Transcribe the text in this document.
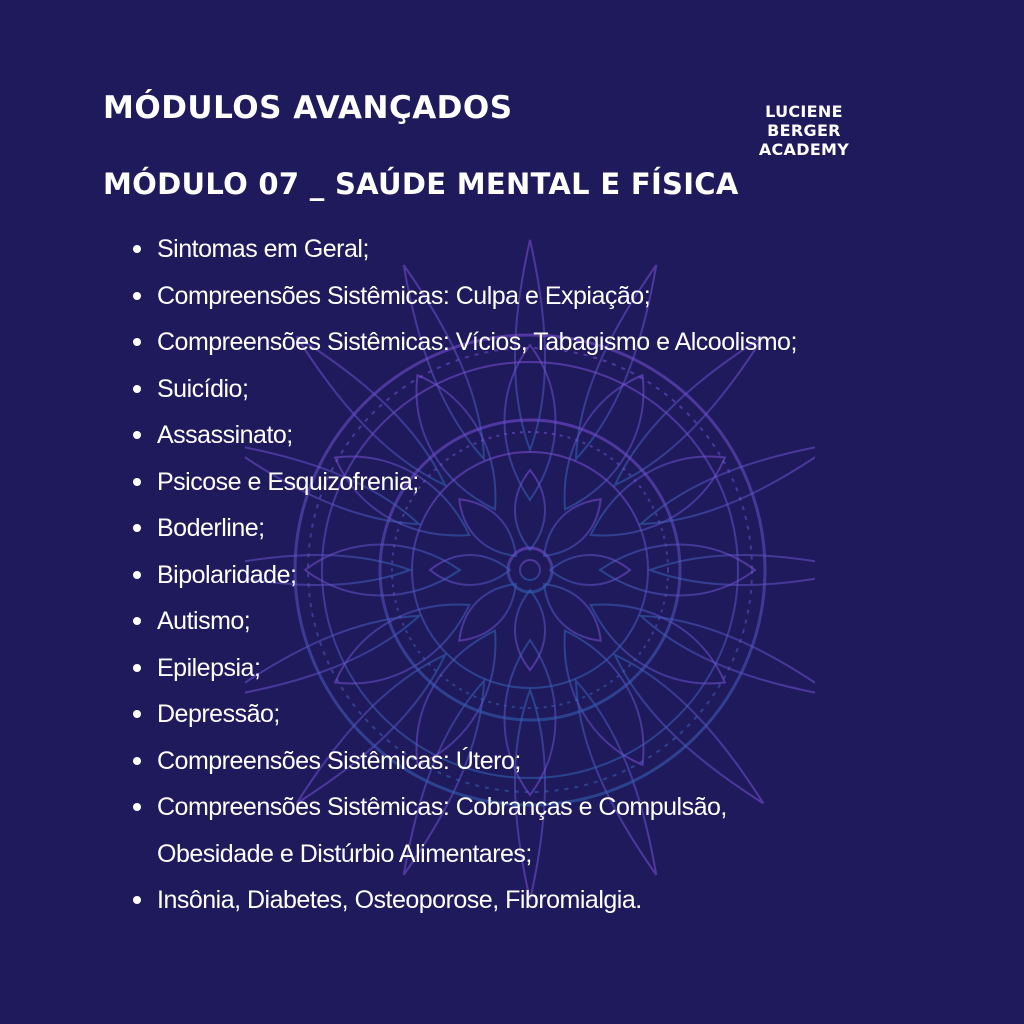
MÓDULOS AVANÇADOS	LUCIENE BERGER
ACADEMY
MÓDULO 07 _ SAÚDE MENTAL E FÍSICA
Sintomas em Geral;
Compreensões Sistêmicas: Culpa e Expiação;
Compreensões Sistêmicas: Vícios, Tabagismo e Alcoolismo;
Suicídio;
Assassinato;
Psicose e Esquizofrenia;
Boderline;
Bipolaridade;
Autismo;
Epilepsia;
Depressão;
Compreensões Sistêmicas: Útero;
Compreensões Sistêmicas: Cobranças e Compulsão,
Obesidade e Distúrbio Alimentares;
Insônia, Diabetes, Osteoporose, Fibromialgia.
